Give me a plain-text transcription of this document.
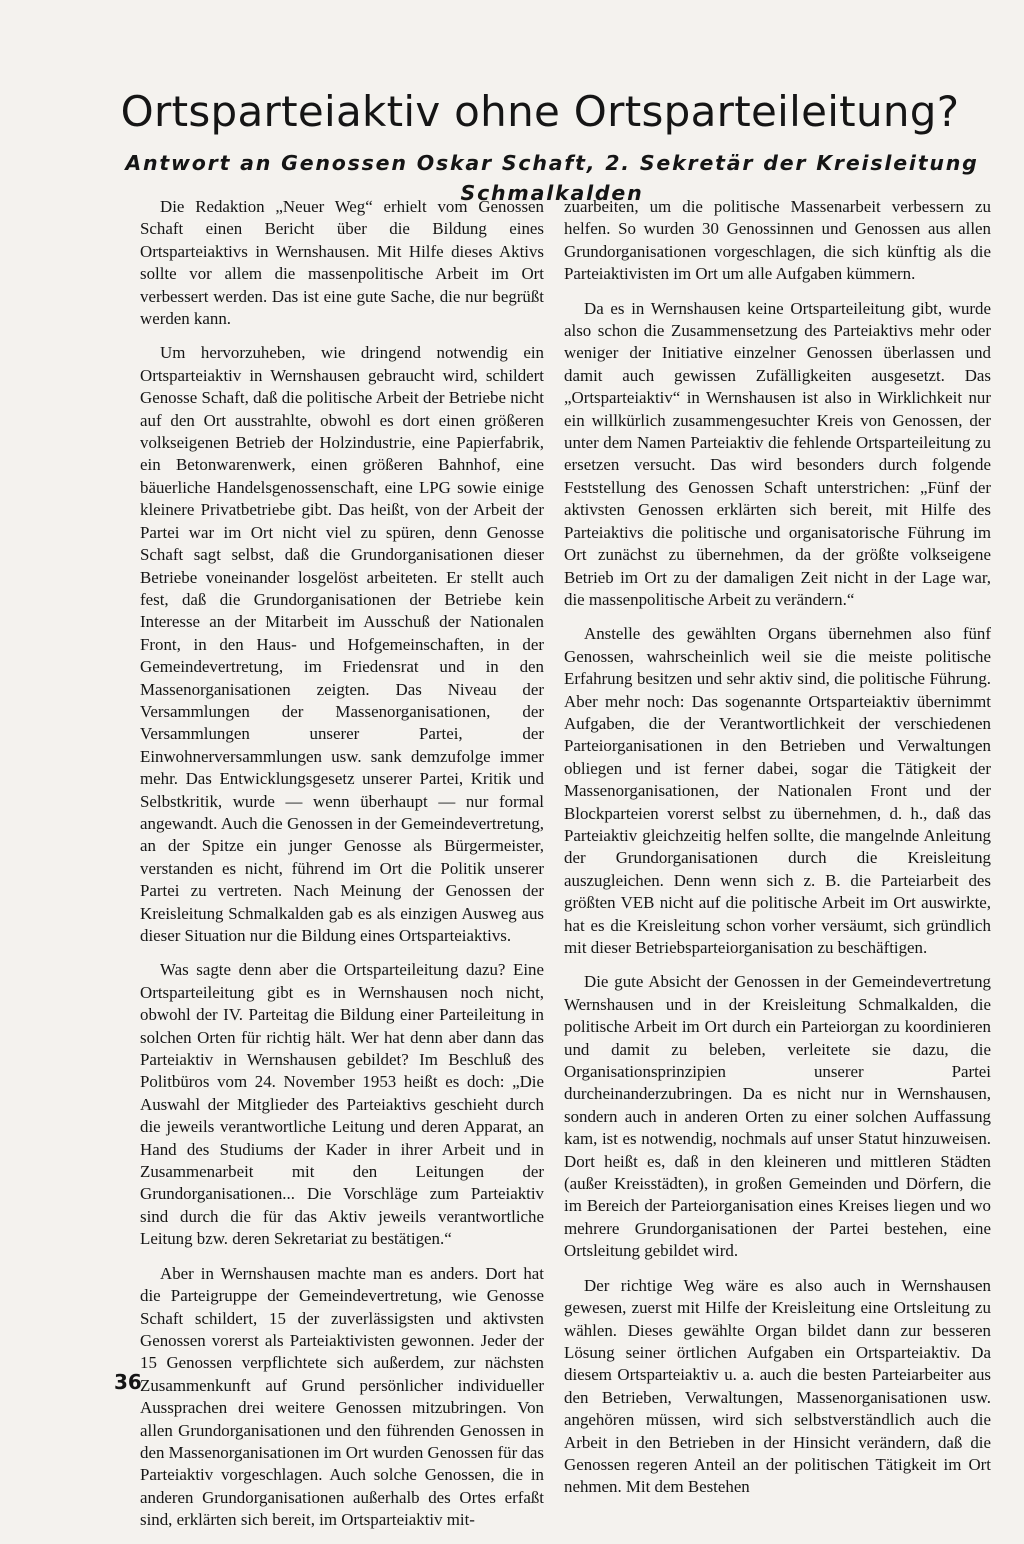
Ortsparteiaktiv ohne Ortsparteileitung?
Antwort an Genossen Oskar Schaft, 2. Sekretär der Kreisleitung Schmalkalden

Die Redaktion „Neuer Weg“ erhielt vom Genossen Schaft einen Bericht über die Bildung eines Ortsparteiaktivs in Wernshausen. Mit Hilfe dieses Aktivs sollte vor allem die massenpolitische Arbeit im Ort verbessert werden. Das ist eine gute Sache, die nur begrüßt werden kann.

Um hervorzuheben, wie dringend notwendig ein Ortsparteiaktiv in Wernshausen gebraucht wird, schildert Genosse Schaft, daß die politische Arbeit der Betriebe nicht auf den Ort ausstrahlte, obwohl es dort einen größeren volkseigenen Betrieb der Holzindustrie, eine Papierfabrik, ein Betonwarenwerk, einen größeren Bahnhof, eine bäuerliche Handelsgenossenschaft, eine LPG sowie einige kleinere Privatbetriebe gibt. Das heißt, von der Arbeit der Partei war im Ort nicht viel zu spüren, denn Genosse Schaft sagt selbst, daß die Grundorganisationen dieser Betriebe voneinander losgelöst arbeiteten. Er stellt auch fest, daß die Grundorganisationen der Betriebe kein Interesse an der Mitarbeit im Ausschuß der Nationalen Front, in den Haus- und Hofgemeinschaften, in der Gemeindevertretung, im Friedensrat und in den Massenorganisationen zeigten. Das Niveau der Versammlungen der Massenorganisationen, der Versammlungen unserer Partei, der Einwohnerversammlungen usw. sank demzufolge immer mehr. Das Entwicklungsgesetz unserer Partei, Kritik und Selbstkritik, wurde — wenn überhaupt — nur formal angewandt. Auch die Genossen in der Gemeindevertretung, an der Spitze ein junger Genosse als Bürgermeister, verstanden es nicht, führend im Ort die Politik unserer Partei zu vertreten. Nach Meinung der Genossen der Kreisleitung Schmalkalden gab es als einzigen Ausweg aus dieser Situation nur die Bildung eines Ortsparteiaktivs.

Was sagte denn aber die Ortsparteileitung dazu? Eine Ortsparteileitung gibt es in Wernshausen noch nicht, obwohl der IV. Parteitag die Bildung einer Parteileitung in solchen Orten für richtig hält. Wer hat denn aber dann das Parteiaktiv in Wernshausen gebildet? Im Beschluß des Politbüros vom 24. November 1953 heißt es doch: „Die Auswahl der Mitglieder des Parteiaktivs geschieht durch die jeweils verantwortliche Leitung und deren Apparat, an Hand des Studiums der Kader in ihrer Arbeit und in Zusammenarbeit mit den Leitungen der Grundorganisationen... Die Vorschläge zum Parteiaktiv sind durch die für das Aktiv jeweils verantwortliche Leitung bzw. deren Sekretariat zu bestätigen.“

Aber in Wernshausen machte man es anders. Dort hat die Parteigruppe der Gemeindevertretung, wie Genosse Schaft schildert, 15 der zuverlässigsten und aktivsten Genossen vorerst als Parteiaktivisten gewonnen. Jeder der 15 Genossen verpflichtete sich außerdem, zur nächsten Zusammenkunft auf Grund persönlicher individueller Aussprachen drei weitere Genossen mitzubringen. Von allen Grundorganisationen und den führenden Genossen in den Massenorganisationen im Ort wurden Genossen für das Parteiaktiv vorgeschlagen. Auch solche Genossen, die in anderen Grundorganisationen außerhalb des Ortes erfaßt sind, erklärten sich bereit, im Ortsparteiaktiv mit-

zuarbeiten, um die politische Massenarbeit verbessern zu helfen. So wurden 30 Genossinnen und Genossen aus allen Grundorganisationen vorgeschlagen, die sich künftig als die Parteiaktivisten im Ort um alle Aufgaben kümmern.

Da es in Wernshausen keine Ortsparteileitung gibt, wurde also schon die Zusammensetzung des Parteiaktivs mehr oder weniger der Initiative einzelner Genossen überlassen und damit auch gewissen Zufälligkeiten ausgesetzt. Das „Ortsparteiaktiv“ in Wernshausen ist also in Wirklichkeit nur ein willkürlich zusammengesuchter Kreis von Genossen, der unter dem Namen Parteiaktiv die fehlende Ortsparteileitung zu ersetzen versucht. Das wird besonders durch folgende Feststellung des Genossen Schaft unterstrichen: „Fünf der aktivsten Genossen erklärten sich bereit, mit Hilfe des Parteiaktivs die politische und organisatorische Führung im Ort zunächst zu übernehmen, da der größte volkseigene Betrieb im Ort zu der damaligen Zeit nicht in der Lage war, die massenpolitische Arbeit zu verändern.“

Anstelle des gewählten Organs übernehmen also fünf Genossen, wahrscheinlich weil sie die meiste politische Erfahrung besitzen und sehr aktiv sind, die politische Führung. Aber mehr noch: Das sogenannte Ortsparteiaktiv übernimmt Aufgaben, die der Verantwortlichkeit der verschiedenen Parteiorganisationen in den Betrieben und Verwaltungen obliegen und ist ferner dabei, sogar die Tätigkeit der Massenorganisationen, der Nationalen Front und der Blockparteien vorerst selbst zu übernehmen, d. h., daß das Parteiaktiv gleichzeitig helfen sollte, die mangelnde Anleitung der Grundorganisationen durch die Kreisleitung auszugleichen. Denn wenn sich z. B. die Parteiarbeit des größten VEB nicht auf die politische Arbeit im Ort auswirkte, hat es die Kreisleitung schon vorher versäumt, sich gründlich mit dieser Betriebsparteiorganisation zu beschäftigen.

Die gute Absicht der Genossen in der Gemeindevertretung Wernshausen und in der Kreisleitung Schmalkalden, die politische Arbeit im Ort durch ein Parteiorgan zu koordinieren und damit zu beleben, verleitete sie dazu, die Organisationsprinzipien unserer Partei durcheinanderzubringen. Da es nicht nur in Wernshausen, sondern auch in anderen Orten zu einer solchen Auffassung kam, ist es notwendig, nochmals auf unser Statut hinzuweisen. Dort heißt es, daß in den kleineren und mittleren Städten (außer Kreisstädten), in großen Gemeinden und Dörfern, die im Bereich der Parteiorganisation eines Kreises liegen und wo mehrere Grundorganisationen der Partei bestehen, eine Ortsleitung gebildet wird.

Der richtige Weg wäre es also auch in Wernshausen gewesen, zuerst mit Hilfe der Kreisleitung eine Ortsleitung zu wählen. Dieses gewählte Organ bildet dann zur besseren Lösung seiner örtlichen Aufgaben ein Ortsparteiaktiv. Da diesem Ortsparteiaktiv u. a. auch die besten Parteiarbeiter aus den Betrieben, Verwaltungen, Massenorganisationen usw. angehören müssen, wird sich selbstverständlich auch die Arbeit in den Betrieben in der Hinsicht verändern, daß die Genossen regeren Anteil an der politischen Tätigkeit im Ort nehmen. Mit dem Bestehen

36
